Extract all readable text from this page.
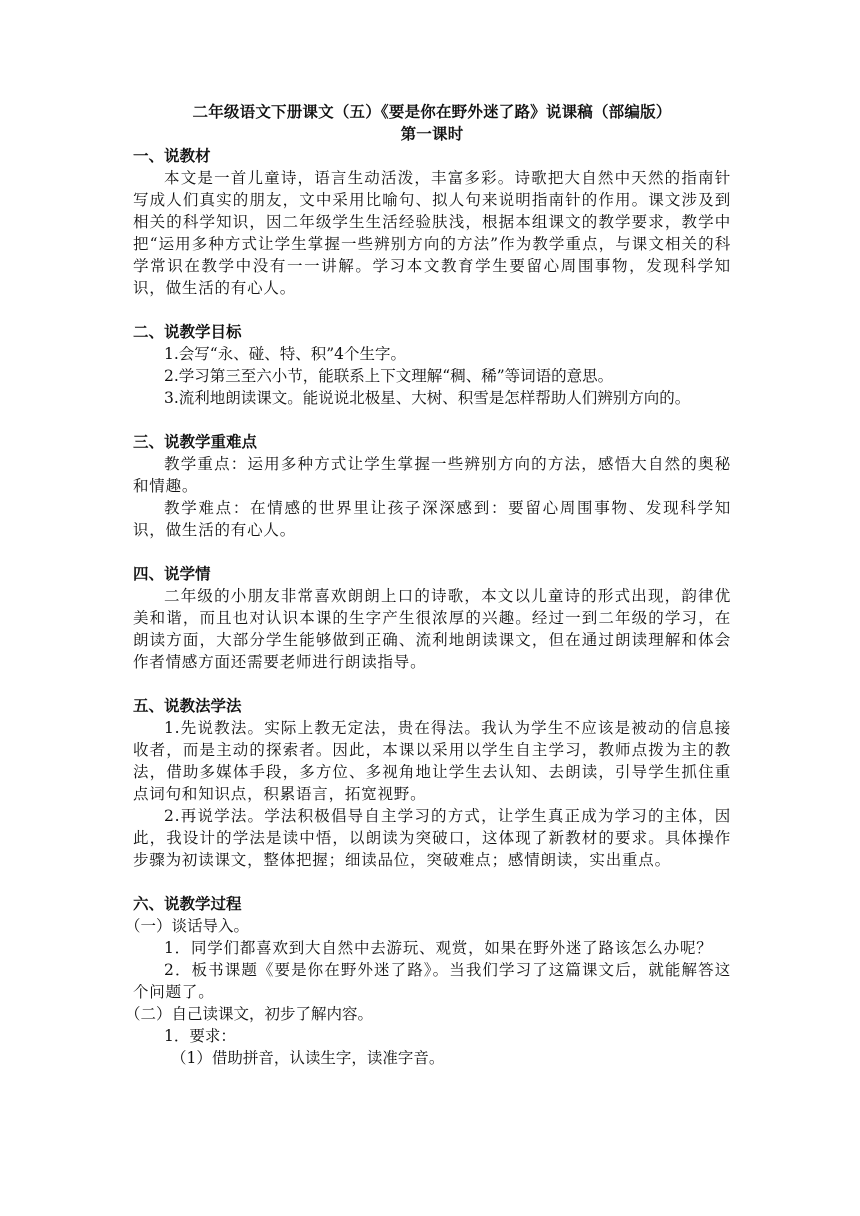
二年级语文下册课文（五）《要是你在野外迷了路》说课稿（部编版）

第一课时

一、说教材

本文是一首儿童诗，语言生动活泼，丰富多彩。诗歌把大自然中天然的指南针写成人们真实的朋友，文中采用比喻句、拟人句来说明指南针的作用。课文涉及到相关的科学知识，因二年级学生生活经验肤浅，根据本组课文的教学要求，教学中把“运用多种方式让学生掌握一些辨别方向的方法”作为教学重点，与课文相关的科学常识在教学中没有一一讲解。学习本文教育学生要留心周围事物，发现科学知识，做生活的有心人。

二、说教学目标

1.会写“永、碰、特、积”4个生字。

2.学习第三至六小节，能联系上下文理解“稠、稀”等词语的意思。

3.流利地朗读课文。能说说北极星、大树、积雪是怎样帮助人们辨别方向的。

三、说教学重难点

教学重点：运用多种方式让学生掌握一些辨别方向的方法，感悟大自然的奥秘和情趣。

教学难点：在情感的世界里让孩子深深感到：要留心周围事物、发现科学知识，做生活的有心人。

四、说学情

二年级的小朋友非常喜欢朗朗上口的诗歌，本文以儿童诗的形式出现，韵律优美和谐，而且也对认识本课的生字产生很浓厚的兴趣。经过一到二年级的学习，在朗读方面，大部分学生能够做到正确、流利地朗读课文，但在通过朗读理解和体会作者情感方面还需要老师进行朗读指导。

五、说教法学法

1.先说教法。实际上教无定法，贵在得法。我认为学生不应该是被动的信息接收者，而是主动的探索者。因此，本课以采用以学生自主学习，教师点拨为主的教法，借助多媒体手段，多方位、多视角地让学生去认知、去朗读，引导学生抓住重点词句和知识点，积累语言，拓宽视野。

2.再说学法。学法积极倡导自主学习的方式，让学生真正成为学习的主体，因此，我设计的学法是读中悟，以朗读为突破口，这体现了新教材的要求。具体操作步骤为初读课文，整体把握；细读品位，突破难点；感情朗读，实出重点。

六、说教学过程

（一）谈话导入。

1．同学们都喜欢到大自然中去游玩、观赏，如果在野外迷了路该怎么办呢？

2．板书课题《要是你在野外迷了路》。当我们学习了这篇课文后，就能解答这个问题了。

（二）自己读课文，初步了解内容。

1．要求：

（1）借助拼音，认读生字，读准字音。
